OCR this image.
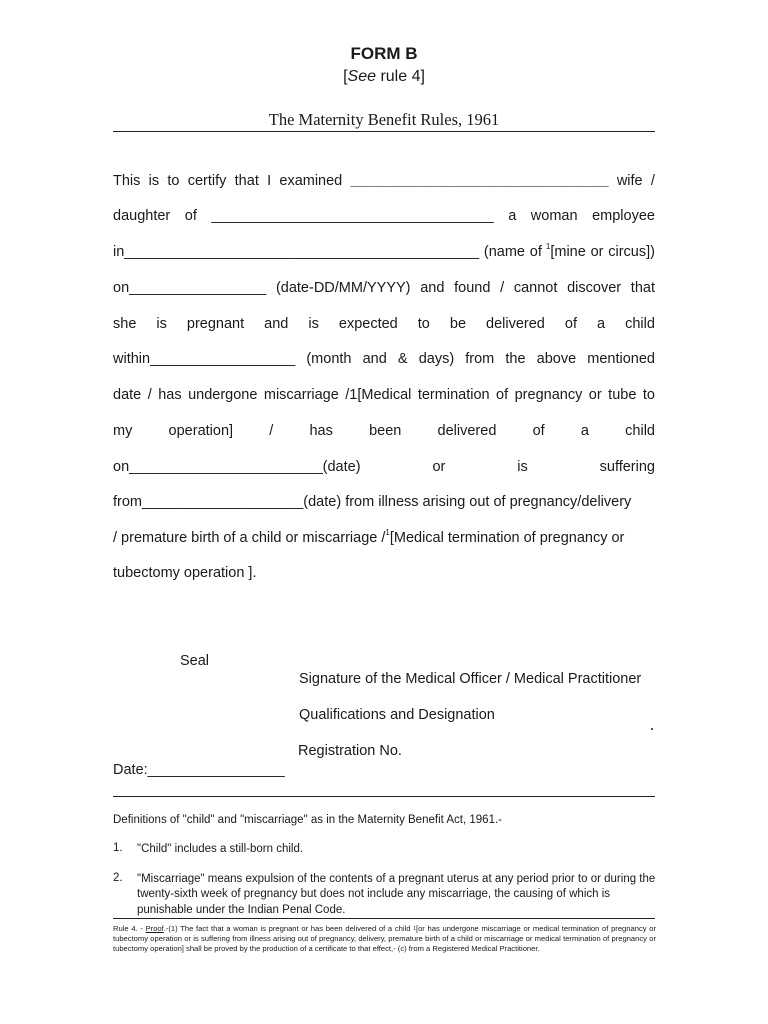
FORM B
[See rule 4]
The Maternity Benefit Rules, 1961
This is to certify that I examined ________________________________ wife /
daughter of ___________________________________ a woman employee
in____________________________________________ (name of $^1$[mine or circus])
on_________________ (date-DD/MM/YYYY) and found / cannot discover that
she is pregnant and is expected to be delivered of a child
within__________________ (month and & days) from the above mentioned
date / has undergone miscarriage /1[Medical termination of pregnancy or tube to
my operation] / has been delivered of a child
on________________________(date)	or	is	suffering
from____________________(date) from illness arising out of pregnancy/delivery
/ premature birth of a child or miscarriage /$^1$[Medical termination of pregnancy or
tubectomy operation ].
Seal
Signature of the Medical Officer / Medical Practitioner
Qualifications and Designation
Registration No.
Date:_________________
Definitions of "child" and "miscarriage" as in the Maternity Benefit Act, 1961.-
1. "Child" includes a still-born child.
2. "Miscarriage" means expulsion of the contents of a pregnant uterus at any period prior to or during the twenty-sixth week of pregnancy but does not include any miscarriage, the causing of which is punishable under the Indian Penal Code.
Rule 4. - Proof.-(1) The fact that a woman is pregnant or has been delivered of a child $^1$[or has undergone miscarriage or medical termination of pregnancy or tubectomy operation or is suffering from illness arising out of pregnancy, delivery, premature birth of a child or miscarriage or medical termination of pregnancy or tubectomy operation] shall be proved by the production of a certificate to that effect,- (c) from a Registered Medical Practitioner.
